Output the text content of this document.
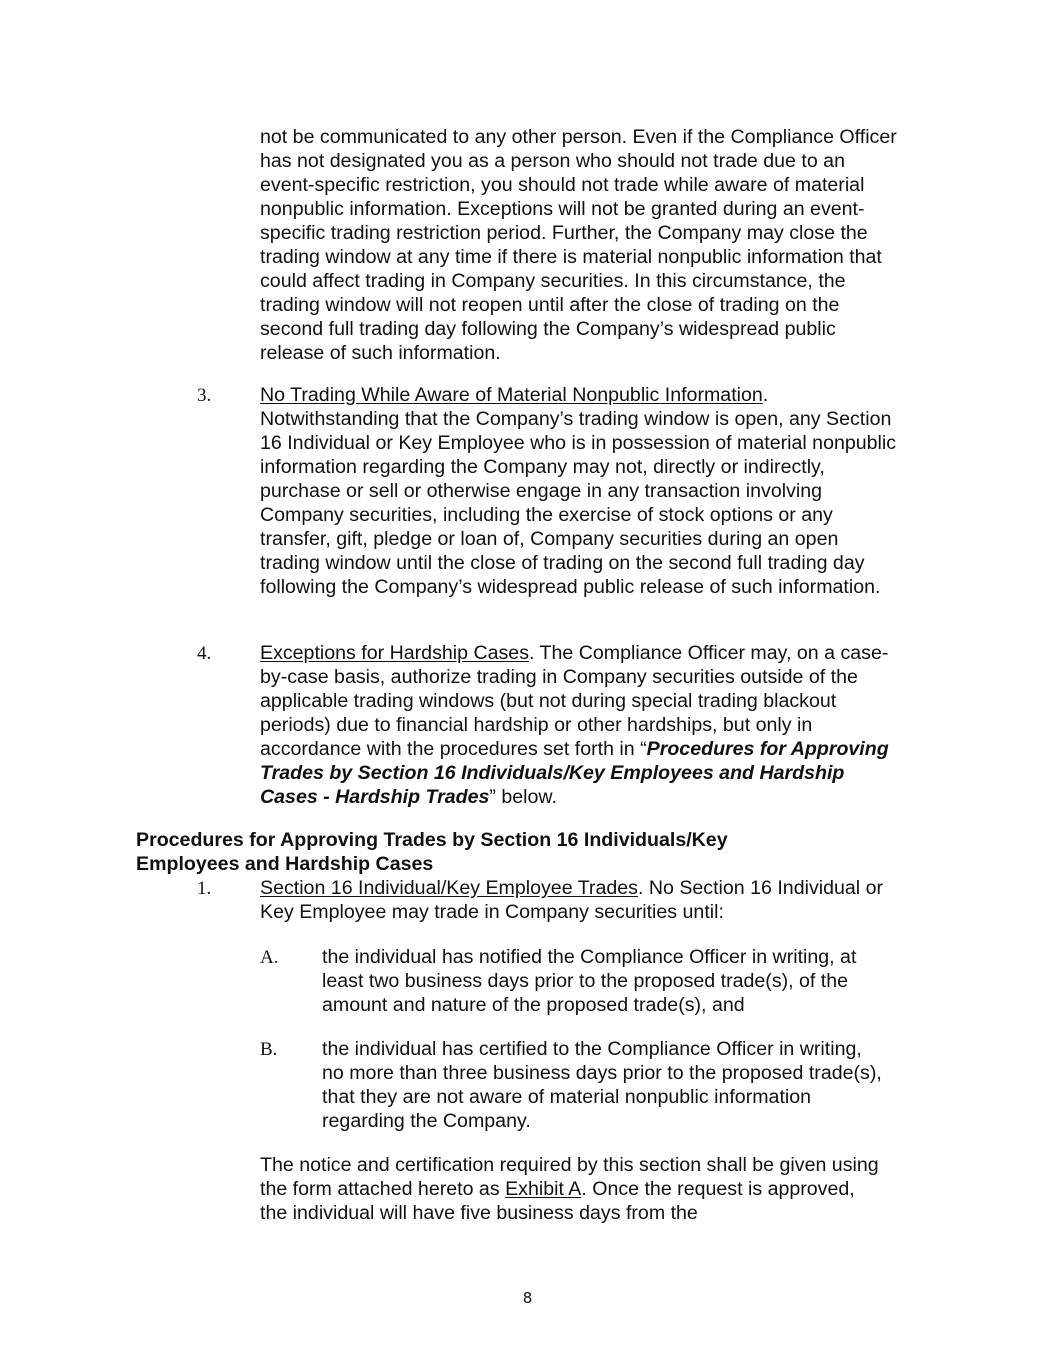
not be communicated to any other person. Even if the Compliance Officer has not designated you as a person who should not trade due to an event-specific restriction, you should not trade while aware of material nonpublic information. Exceptions will not be granted during an event-specific trading restriction period. Further, the Company may close the trading window at any time if there is material nonpublic information that could affect trading in Company securities. In this circumstance, the trading window will not reopen until after the close of trading on the second full trading day following the Company’s widespread public release of such information.

3. No Trading While Aware of Material Nonpublic Information.
Notwithstanding that the Company’s trading window is open, any Section 16 Individual or Key Employee who is in possession of material nonpublic information regarding the Company may not, directly or indirectly, purchase or sell or otherwise engage in any transaction involving Company securities, including the exercise of stock options or any transfer, gift, pledge or loan of, Company securities during an open trading window until the close of trading on the second full trading day following the Company’s widespread public release of such information.
4. Exceptions for Hardship Cases. The Compliance Officer may, on a case- by-case basis, authorize trading in Company securities outside of the applicable trading windows (but not during special trading blackout periods) due to financial hardship or other hardships, but only in accordance with the procedures set forth in “Procedures for Approving Trades by Section 16 Individuals/Key Employees and Hardship Cases - Hardship Trades” below.
Procedures for Approving Trades by Section 16 Individuals/Key
Employees and Hardship Cases
1. Section 16 Individual/Key Employee Trades. No Section 16 Individual or Key Employee may trade in Company securities until:
A. the individual has notified the Compliance Officer in writing, at least two business days prior to the proposed trade(s), of the amount and nature of the proposed trade(s), and

B. the individual has certified to the Compliance Officer in writing, no more than three business days prior to the proposed trade(s), that they are not aware of material nonpublic information regarding the Company.

The notice and certification required by this section shall be given using the form attached hereto as Exhibit A. Once the request is approved, the individual will have five business days from the
8
